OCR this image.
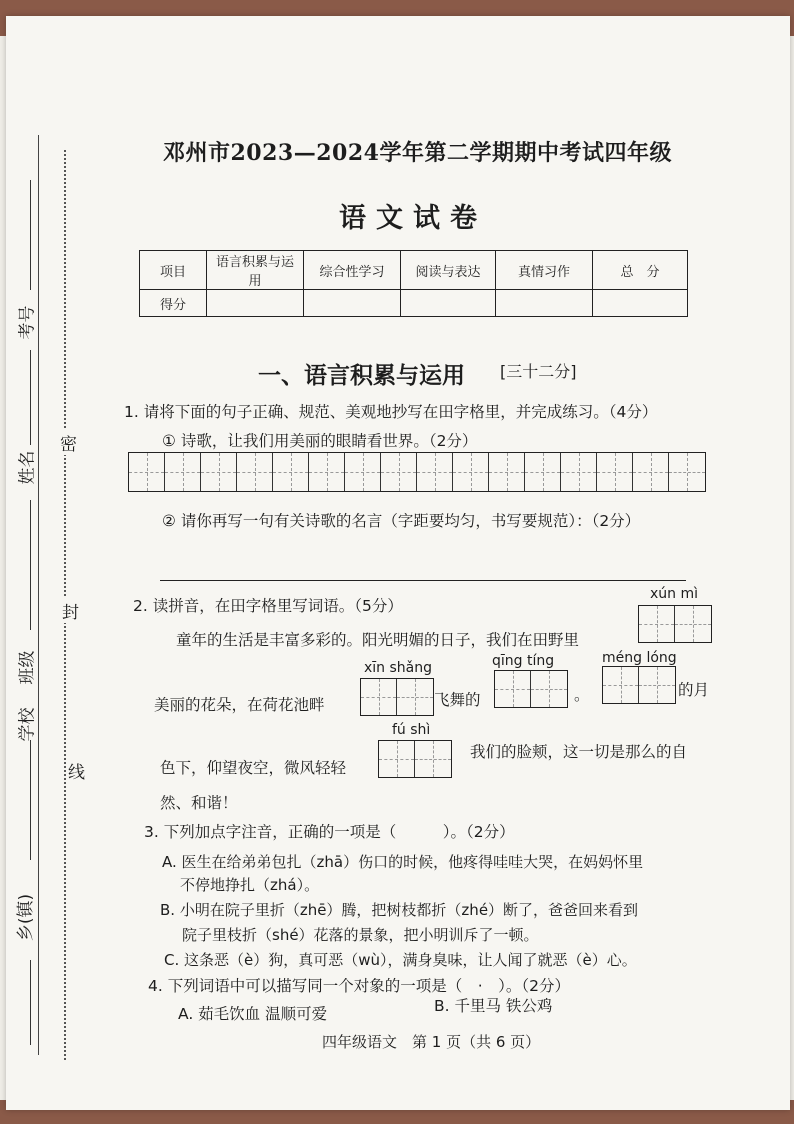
考号
姓名
班级
学校
乡(镇)
密
封
线
邓州市2023—2024学年第二学期期中考试四年级
语文试卷
项目	语言积累与运用	综合性学习	阅读与表达	真情习作	总　分
得分					
一、语言积累与运用 [三十二分]
1. 请将下面的句子正确、规范、美观地抄写在田字格里，并完成练习。（4分）
① 诗歌，让我们用美丽的眼睛看世界。（2分）
② 请你再写一句有关诗歌的名言（字距要均匀，书写要规范）：（2分）
2. 读拼音，在田字格里写词语。（5分）
xún mì
童年的生活是丰富多彩的。阳光明媚的日子，我们在田野里
xīn shǎng	qīng tíng	méng lóng
美丽的花朵，在荷花池畔	飞舞的	。	的月
fú shì
色下，仰望夜空，微风轻轻
我们的脸颊，这一切是那么的自
然、和谐！
3. 下列加点字注音，正确的一项是（　　　）。（2分）
A. 医生在给弟弟包扎（zhā）伤口的时候，他疼得哇哇大哭，在妈妈怀里
不停地挣扎（zhá）。
B. 小明在院子里折（zhē）腾，把树枝都折（zhé）断了，爸爸回来看到
院子里枝折（shé）花落的景象，把小明训斥了一顿。
C. 这条恶（è）狗，真可恶（wù），满身臭味，让人闻了就恶（è）心。
4. 下列词语中可以描写同一个对象的一项是（　·　）。（2分）
A. 茹毛饮血 温顺可爱	B. 千里马 铁公鸡
四年级语文　第 1 页（共 6 页）
